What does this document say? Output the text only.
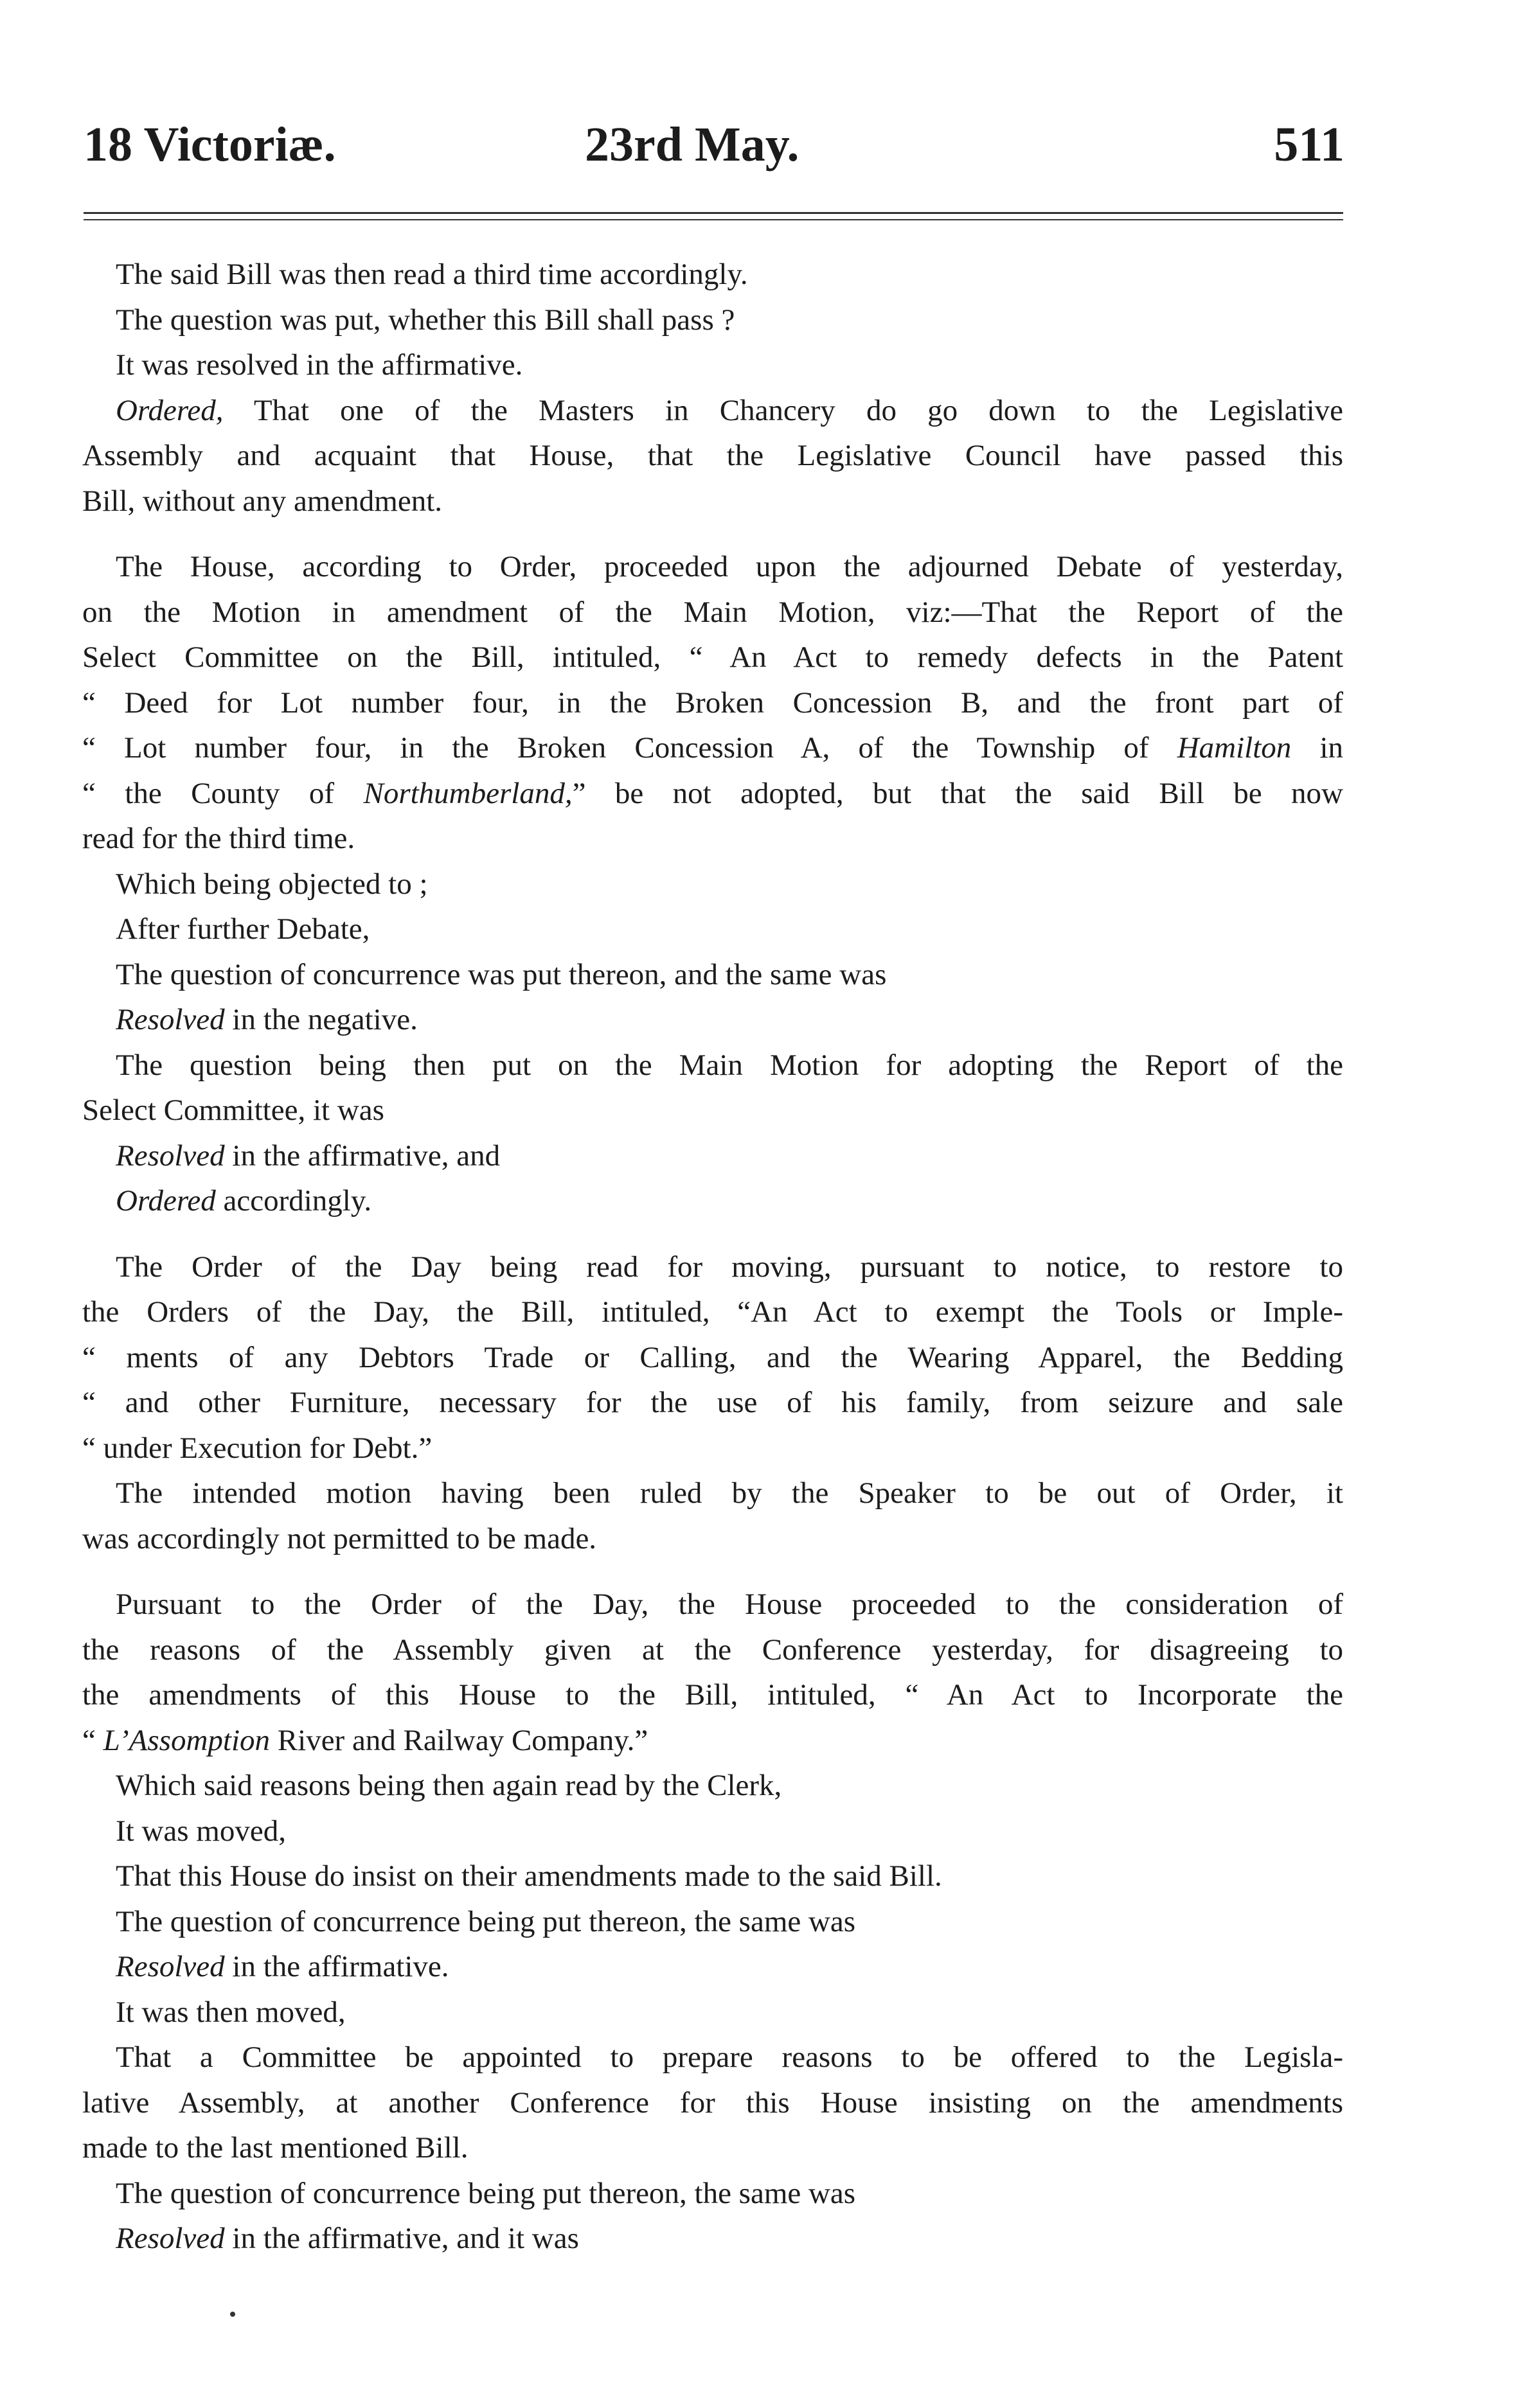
18 Victoriæ.	23rd May.	511
The said Bill was then read a third time accordingly.
The question was put, whether this Bill shall pass ?
It was resolved in the affirmative.
Ordered, That one of the Masters in Chancery do go down to the Legislative
Assembly and acquaint that House, that the Legislative Council have passed this
Bill, without any amendment.
The House, according to Order, proceeded upon the adjourned Debate of yesterday,
on the Motion in amendment of the Main Motion, viz:—That the Report of the
Select Committee on the Bill, intituled, “ An Act to remedy defects in the Patent
“ Deed for Lot number four, in the Broken Concession B, and the front part of
“ Lot number four, in the Broken Concession A, of the Township of Hamilton in
“ the County of Northumberland,” be not adopted, but that the said Bill be now
read for the third time.
Which being objected to ;
After further Debate,
The question of concurrence was put thereon, and the same was
Resolved in the negative.
The question being then put on the Main Motion for adopting the Report of the
Select Committee, it was
Resolved in the affirmative, and
Ordered accordingly.
The Order of the Day being read for moving, pursuant to notice, to restore to
the Orders of the Day, the Bill, intituled, “An Act to exempt the Tools or Imple-
“ ments of any Debtors Trade or Calling, and the Wearing Apparel, the Bedding
“ and other Furniture, necessary for the use of his family, from seizure and sale
“ under Execution for Debt.”
The intended motion having been ruled by the Speaker to be out of Order, it
was accordingly not permitted to be made.
Pursuant to the Order of the Day, the House proceeded to the consideration of
the reasons of the Assembly given at the Conference yesterday, for disagreeing to
the amendments of this House to the Bill, intituled, “ An Act to Incorporate the
“ L’Assomption River and Railway Company.”
Which said reasons being then again read by the Clerk,
It was moved,
That this House do insist on their amendments made to the said Bill.
The question of concurrence being put thereon, the same was
Resolved in the affirmative.
It was then moved,
That a Committee be appointed to prepare reasons to be offered to the Legisla-
lative Assembly, at another Conference for this House insisting on the amendments
made to the last mentioned Bill.
The question of concurrence being put thereon, the same was
Resolved in the affirmative, and it was
